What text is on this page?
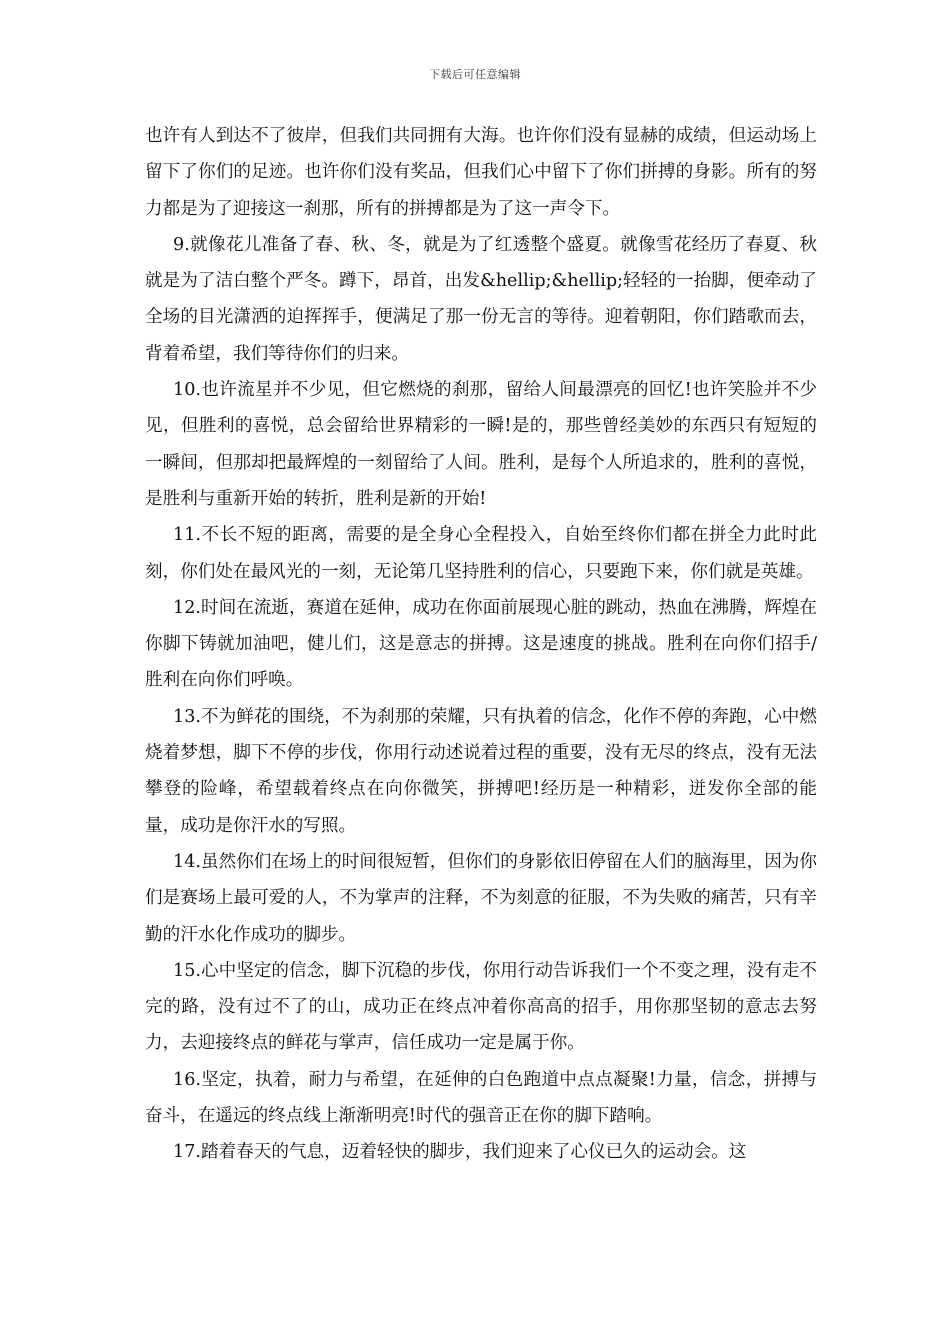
下载后可任意编辑

也许有人到达不了彼岸，但我们共同拥有大海。也许你们没有显赫的成绩，但运动场上留下了你们的足迹。也许你们没有奖品，但我们心中留下了你们拼搏的身影。所有的努力都是为了迎接这一刹那，所有的拼搏都是为了这一声令下。

9.就像花儿准备了春、秋、冬，就是为了红透整个盛夏。就像雪花经历了春夏、秋就是为了洁白整个严冬。蹲下，昂首，出发&hellip;&hellip;轻轻的一抬脚，便牵动了全场的目光潇洒的迫挥挥手，便满足了那一份无言的等待。迎着朝阳，你们踏歌而去，背着希望，我们等待你们的归来。

10.也许流星并不少见，但它燃烧的刹那，留给人间最漂亮的回忆!也许笑脸并不少见，但胜利的喜悦，总会留给世界精彩的一瞬!是的，那些曾经美妙的东西只有短短的一瞬间，但那却把最辉煌的一刻留给了人间。胜利，是每个人所追求的，胜利的喜悦，是胜利与重新开始的转折，胜利是新的开始!

11.不长不短的距离，需要的是全身心全程投入，自始至终你们都在拼全力此时此刻，你们处在最风光的一刻，无论第几坚持胜利的信心，只要跑下来，你们就是英雄。

12.时间在流逝，赛道在延伸，成功在你面前展现心脏的跳动，热血在沸腾，辉煌在你脚下铸就加油吧，健儿们，这是意志的拼搏。这是速度的挑战。胜利在向你们招手/胜利在向你们呼唤。

13.不为鲜花的围绕，不为刹那的荣耀，只有执着的信念，化作不停的奔跑，心中燃烧着梦想，脚下不停的步伐，你用行动述说着过程的重要，没有无尽的终点，没有无法攀登的险峰，希望载着终点在向你微笑，拼搏吧!经历是一种精彩，迸发你全部的能量，成功是你汗水的写照。

14.虽然你们在场上的时间很短暂，但你们的身影依旧停留在人们的脑海里，因为你们是赛场上最可爱的人，不为掌声的注释，不为刻意的征服，不为失败的痛苦，只有辛勤的汗水化作成功的脚步。

15.心中坚定的信念，脚下沉稳的步伐，你用行动告诉我们一个不变之理，没有走不完的路，没有过不了的山，成功正在终点冲着你高高的招手，用你那坚韧的意志去努力，去迎接终点的鲜花与掌声，信任成功一定是属于你。

16.坚定，执着，耐力与希望，在延伸的白色跑道中点点凝聚!力量，信念，拼搏与奋斗，在遥远的终点线上渐渐明亮!时代的强音正在你的脚下踏响。

17.踏着春天的气息，迈着轻快的脚步，我们迎来了心仪已久的运动会。这
